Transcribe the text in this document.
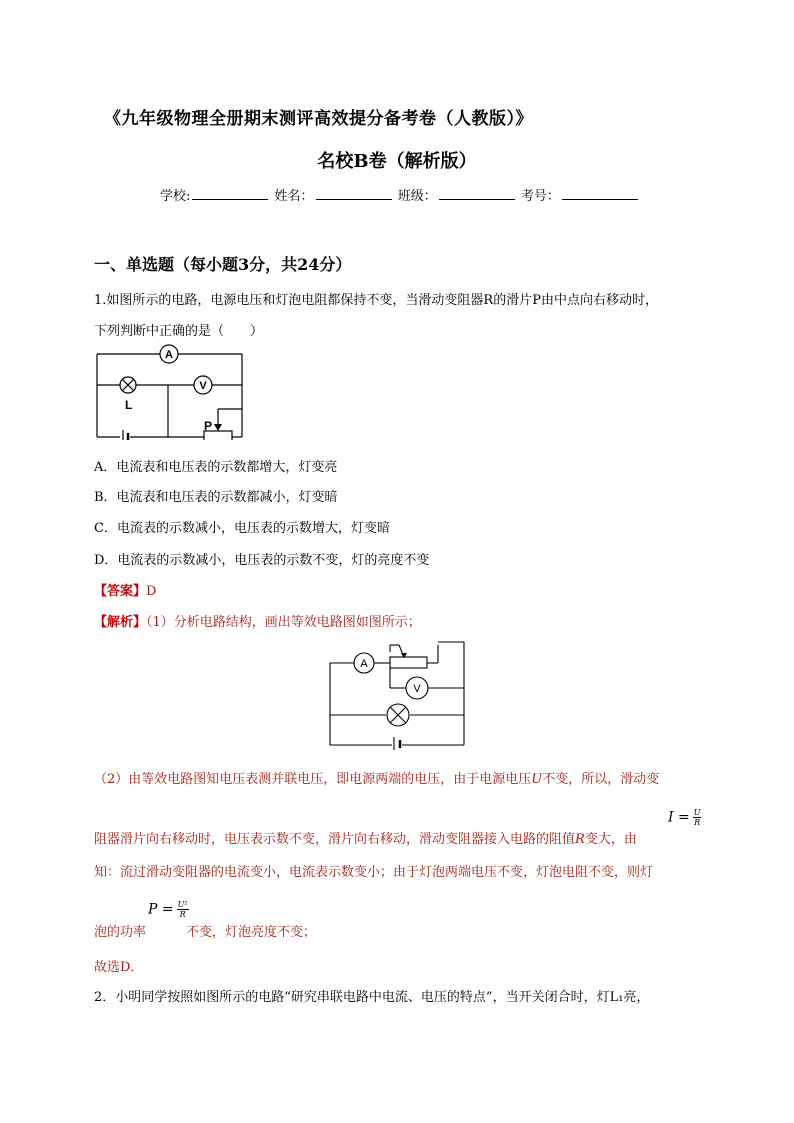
《九年级物理全册期末测评高效提分备考卷（人教版）》
名校B卷（解析版）
学校:	姓名：	班级：	考号：
一、单选题（每小题3分，共24分）
1.如图所示的电路，电源电压和灯泡电阻都保持不变，当滑动变阻器R的滑片P由中点向右移动时，
下列判断中正确的是（　　）
A
L
V
P
A．电流表和电压表的示数都增大，灯变亮
B．电流表和电压表的示数都减小，灯变暗
C．电流表的示数减小，电压表的示数增大，灯变暗
D．电流表的示数减小，电压表的示数不变，灯的亮度不变
【答案】D
【解析】（1）分析电路结构，画出等效电路图如图所示；
A
V
（2）由等效电路图知电压表测并联电压，即电源两端的电压，由于电源电压U不变，所以，滑动变
$I = \frac{U}{R}$
阻器滑片向右移动时，电压表示数不变，滑片向右移动，滑动变阻器接入电路的阻值R变大，由
知：流过滑动变阻器的电流变小，电流表示数变小；由于灯泡两端电压不变，灯泡电阻不变，则灯
$P = \frac{\text{U²}}{R}$
泡的功率	不变，灯泡亮度不变；
故选D．
2．小明同学按照如图所示的电路“研究串联电路中电流、电压的特点”，当开关闭合时，灯L₁亮，
